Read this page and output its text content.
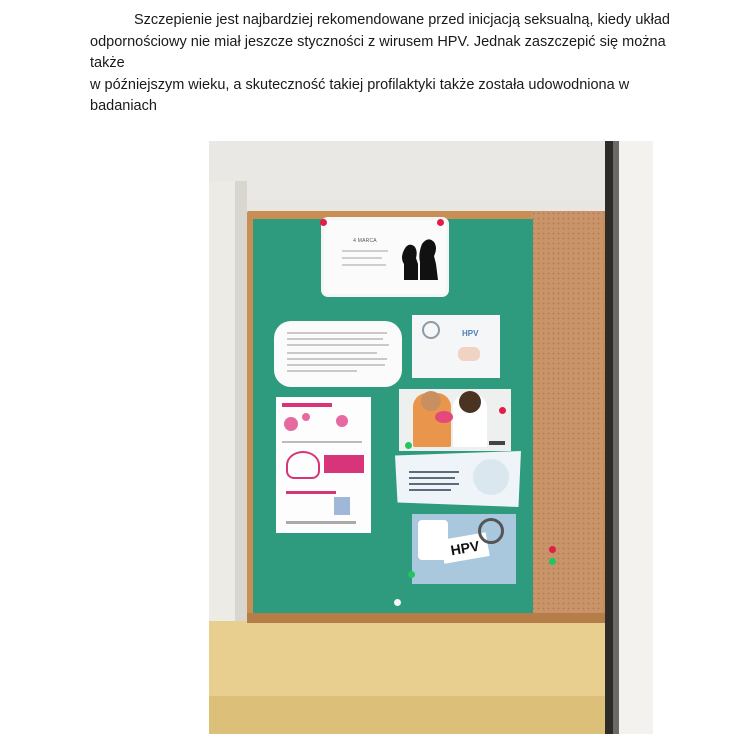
Szczepienie jest najbardziej rekomendowane przed inicjacją seksualną, kiedy układ
odpornościowy nie miał jeszcze styczności z wirusem HPV. Jednak zaszczepić się można także
w późniejszym wieku, a skuteczność takiej profilaktyki także została udowodniona w
badaniach
4 MARCA
HPV
HPV
